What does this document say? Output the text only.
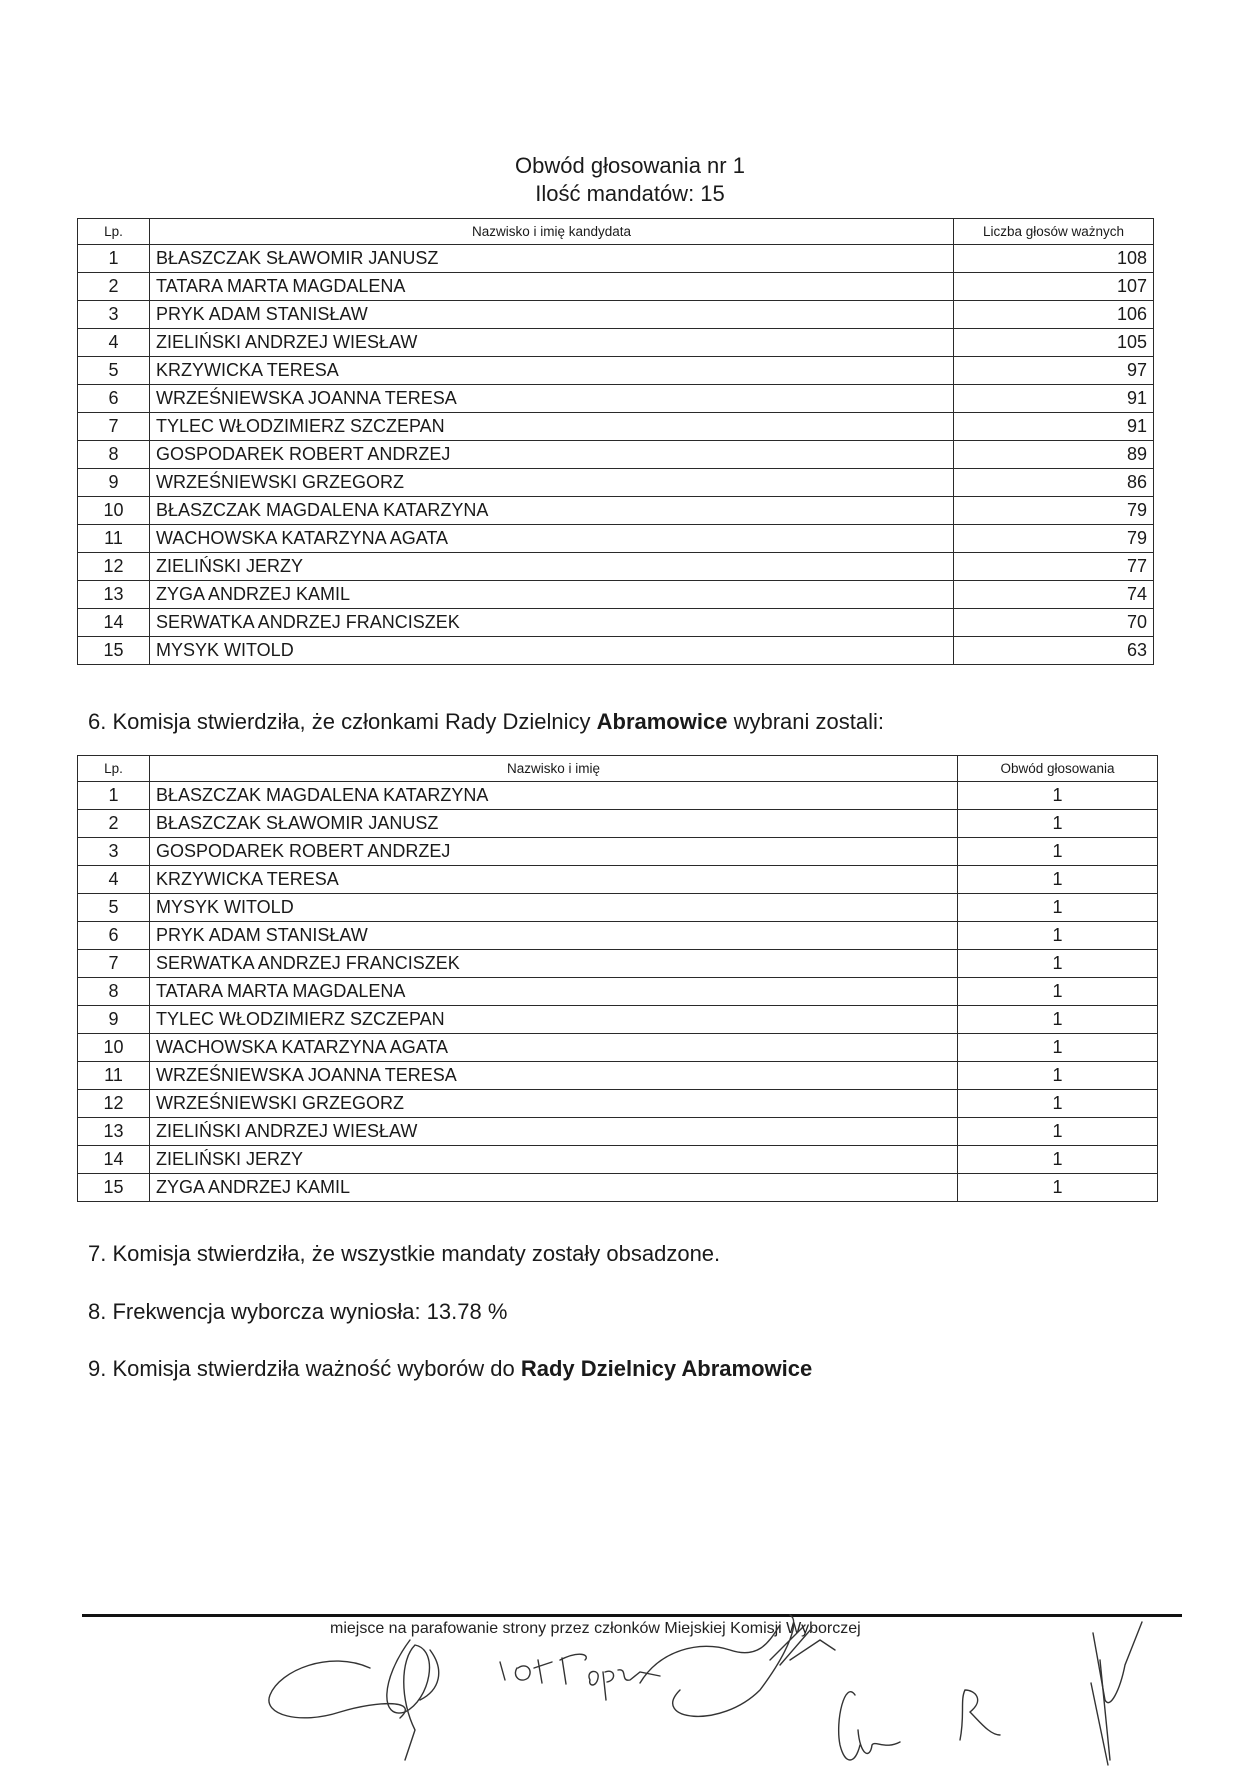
Obwód głosowania nr 1
Ilość mandatów: 15
Lp.	Nazwisko i imię kandydata	Liczba głosów ważnych
1	BŁASZCZAK SŁAWOMIR JANUSZ	108
2	TATARA MARTA MAGDALENA	107
3	PRYK ADAM STANISŁAW	106
4	ZIELIŃSKI ANDRZEJ WIESŁAW	105
5	KRZYWICKA TERESA	97
6	WRZEŚNIEWSKA JOANNA TERESA	91
7	TYLEC WŁODZIMIERZ SZCZEPAN	91
8	GOSPODAREK ROBERT ANDRZEJ	89
9	WRZEŚNIEWSKI GRZEGORZ	86
10	BŁASZCZAK MAGDALENA KATARZYNA	79
11	WACHOWSKA KATARZYNA AGATA	79
12	ZIELIŃSKI JERZY	77
13	ZYGA ANDRZEJ KAMIL	74
14	SERWATKA ANDRZEJ FRANCISZEK	70
15	MYSYK WITOLD	63
6. Komisja stwierdziła, że członkami Rady Dzielnicy Abramowice wybrani zostali:
Lp.	Nazwisko i imię	Obwód głosowania
1	BŁASZCZAK MAGDALENA KATARZYNA	1
2	BŁASZCZAK SŁAWOMIR JANUSZ	1
3	GOSPODAREK ROBERT ANDRZEJ	1
4	KRZYWICKA TERESA	1
5	MYSYK WITOLD	1
6	PRYK ADAM STANISŁAW	1
7	SERWATKA ANDRZEJ FRANCISZEK	1
8	TATARA MARTA MAGDALENA	1
9	TYLEC WŁODZIMIERZ SZCZEPAN	1
10	WACHOWSKA KATARZYNA AGATA	1
11	WRZEŚNIEWSKA JOANNA TERESA	1
12	WRZEŚNIEWSKI GRZEGORZ	1
13	ZIELIŃSKI ANDRZEJ WIESŁAW	1
14	ZIELIŃSKI JERZY	1
15	ZYGA ANDRZEJ KAMIL	1
7. Komisja stwierdziła, że wszystkie mandaty zostały obsadzone.
8. Frekwencja wyborcza wyniosła: 13.78 %
9. Komisja stwierdziła ważność wyborów do Rady Dzielnicy Abramowice
miejsce na parafowanie strony przez członków Miejskiej Komisji Wyborczej
